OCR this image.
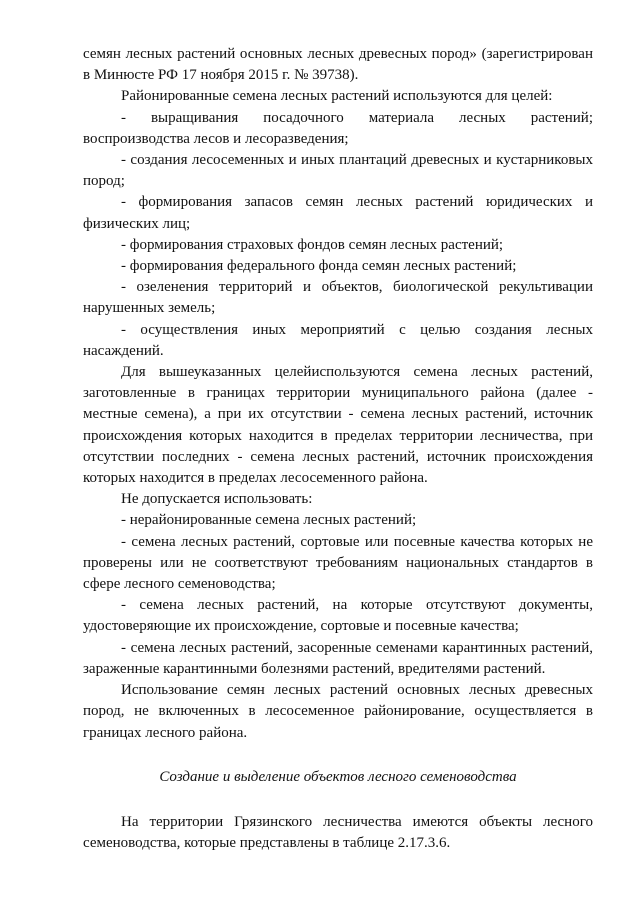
семян лесных растений основных лесных древесных пород» (зарегистрирован в Минюсте РФ 17 ноября 2015 г. № 39738).

Районированные семена лесных растений используются для целей:

- выращивания посадочного материала лесных растений; воспроизводства лесов и лесоразведения;

- создания лесосеменных и иных плантаций древесных и кустарниковых пород;

- формирования запасов семян лесных растений юридических и физических лиц;

- формирования страховых фондов семян лесных растений;

- формирования федерального фонда семян лесных растений;

- озеленения территорий и объектов, биологической рекультивации нарушенных земель;

- осуществления иных мероприятий с целью создания лесных насаждений.

Для вышеуказанных целейиспользуются семена лесных растений, заготовленные в границах территории муниципального района (далее - местные семена), а при их отсутствии - семена лесных растений, источник происхождения которых находится в пределах территории лесничества, при отсутствии последних - семена лесных растений, источник происхождения которых находится в пределах лесосеменного района.

Не допускается использовать:

- нерайонированные семена лесных растений;

- семена лесных растений, сортовые или посевные качества которых не проверены или не соответствуют требованиям национальных стандартов в сфере лесного семеноводства;

- семена лесных растений, на которые отсутствуют документы, удостоверяющие их происхождение, сортовые и посевные качества;

- семена лесных растений, засоренные семенами карантинных растений, зараженные карантинными болезнями растений, вредителями растений.

Использование семян лесных растений основных лесных древесных пород, не включенных в лесосеменное районирование, осуществляется в границах лесного района.

Создание и выделение объектов лесного семеноводства

На территории Грязинского лесничества имеются объекты лесного семеноводства, которые представлены в таблице 2.17.3.6.
